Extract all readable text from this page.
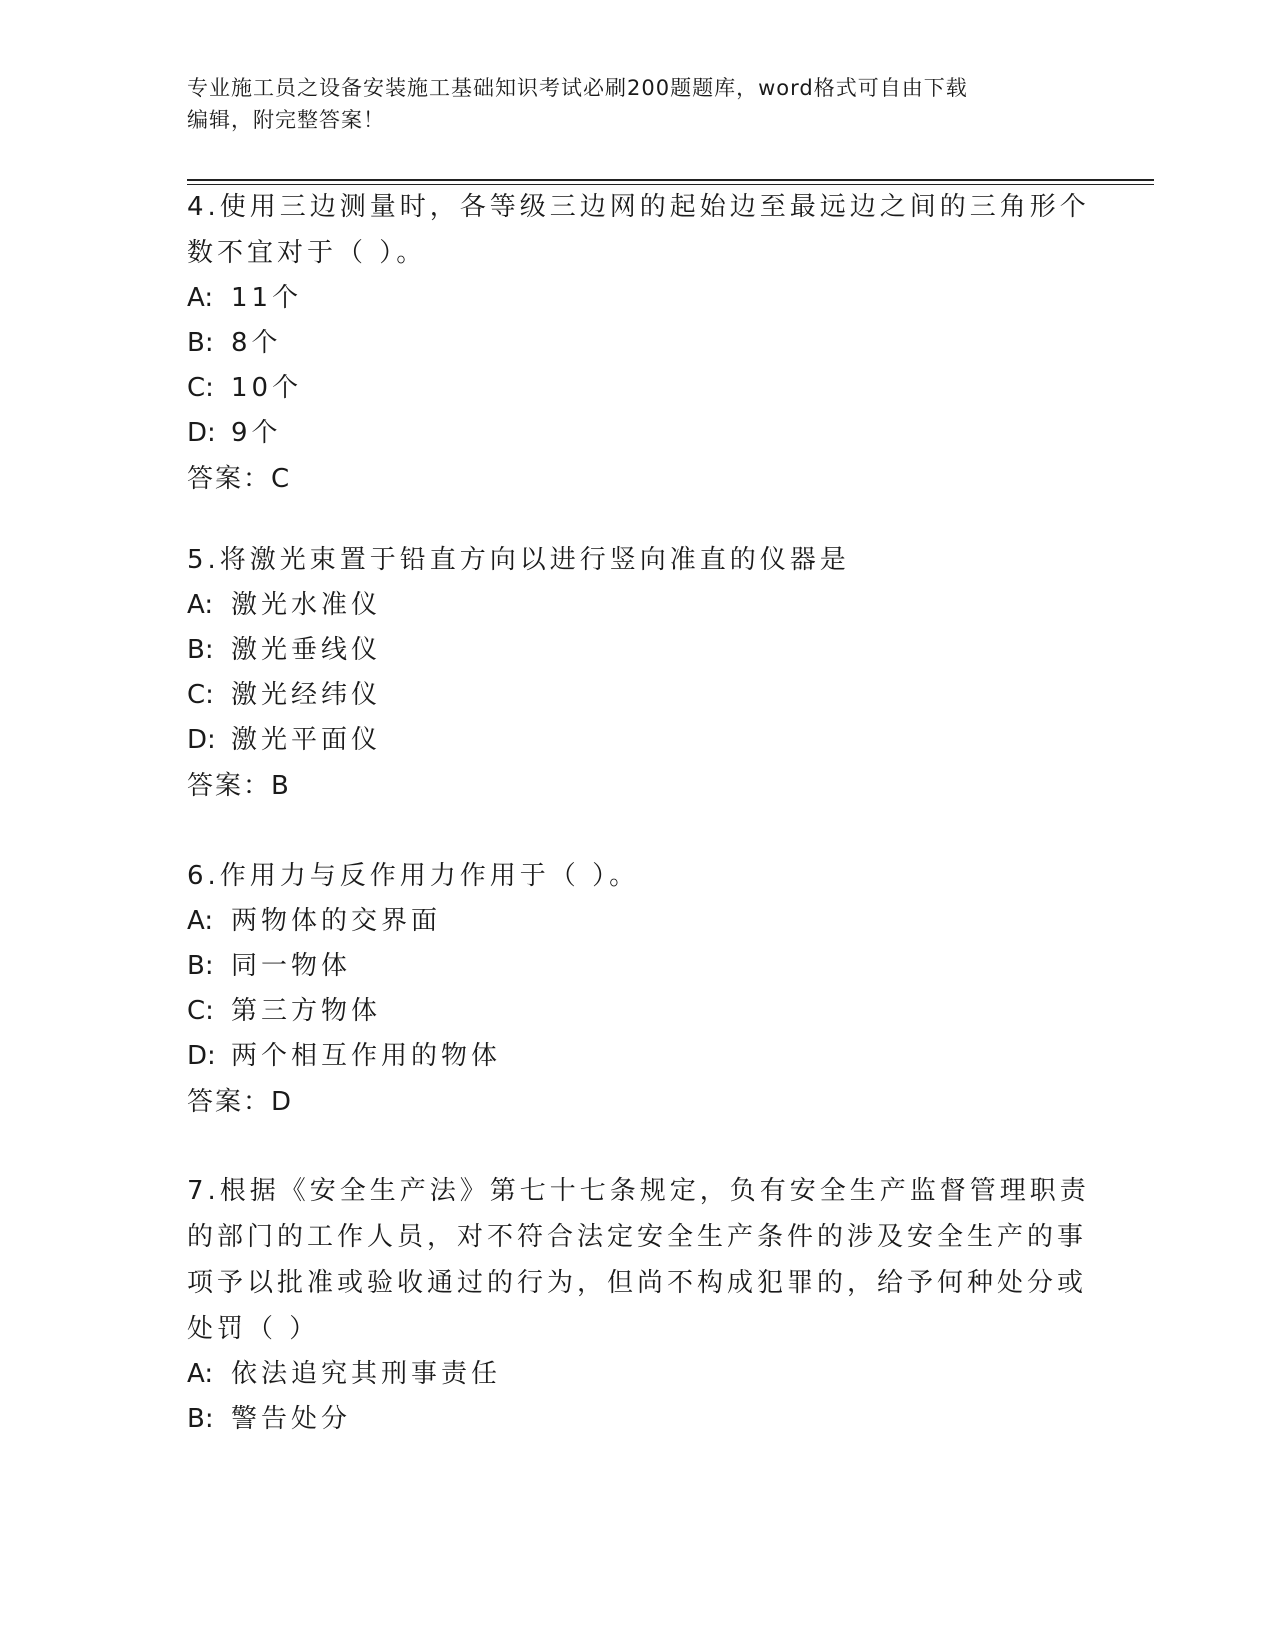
专业施工员之设备安装施工基础知识考试必刷200题题库，word格式可自由下载
编辑，附完整答案！
4.使用三边测量时，各等级三边网的起始边至最远边之间的三角形个
数不宜对于（ ）。
A: 11个
B: 8个
C: 10个
D: 9个
答案：C
5.将激光束置于铅直方向以进行竖向准直的仪器是
A: 激光水准仪
B: 激光垂线仪
C: 激光经纬仪
D: 激光平面仪
答案：B
6.作用力与反作用力作用于（ ）。
A: 两物体的交界面
B: 同一物体
C: 第三方物体
D: 两个相互作用的物体
答案：D
7.根据《安全生产法》第七十七条规定，负有安全生产监督管理职责
的部门的工作人员，对不符合法定安全生产条件的涉及安全生产的事
项予以批准或验收通过的行为，但尚不构成犯罪的，给予何种处分或
处罚（ ）
A: 依法追究其刑事责任
B: 警告处分
